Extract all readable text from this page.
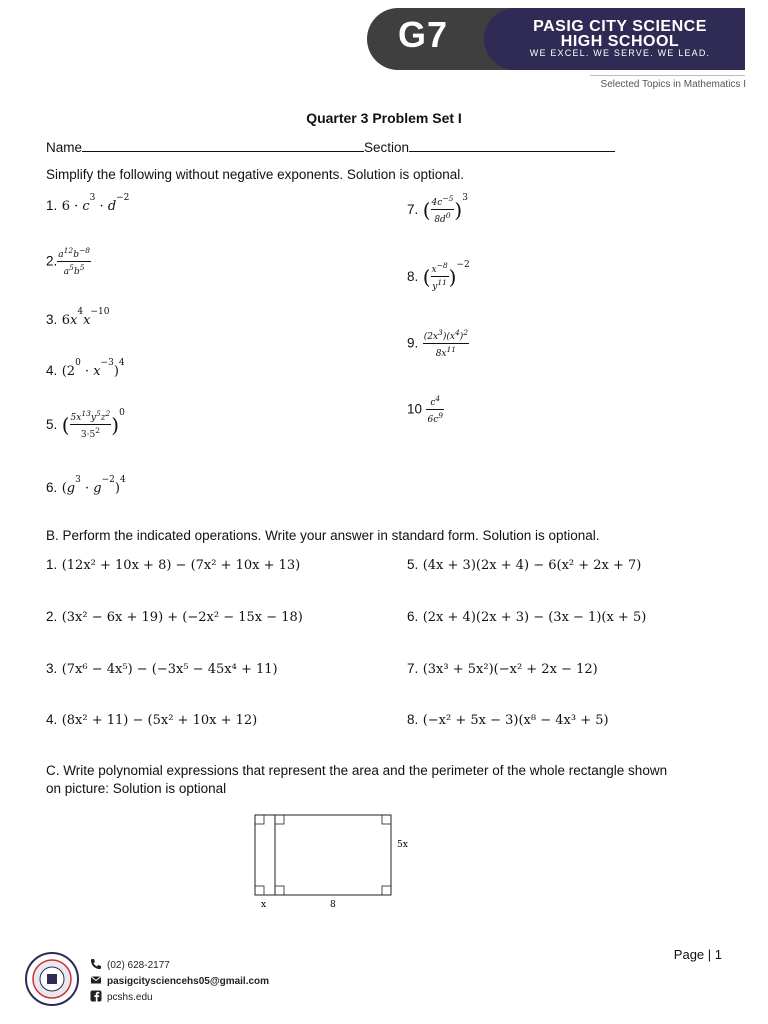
G7	PASIG CITY SCIENCE
HIGH SCHOOL
WE EXCEL. WE SERVE. WE LEAD.
Selected Topics in Mathematics I
Quarter 3 Problem Set I
Name	Section
Simplify the following without negative exponents. Solution is optional.
1. $6 \cdot c^3 \cdot d^{-2}$
2. $\frac{a^{12}b^{-8}}{a^5b^5}$
3. $6x^4x^{-10}$
4. $(2^0 \cdot x^{-3})^4$
5. ( $\frac{5x^{13}y^5z^2}{3\cdot 5^2} )^0$
6. $(g^3 \cdot g^{-2})^4$
7. ( $\frac{4c^{-5}}{8d^0} )^3$
8. ( $\frac{x^{-8}}{y^{11}} )^{-2}$
9. $\frac{(2x^3)(x^4)^2}{8x^{11}}$
$10 \frac{c^4}{6c^9}$
B. Perform the indicated operations. Write your answer in standard form. Solution is optional.
1. (12x² + 10x + 8) − (7x² + 10x + 13)
2. (3x² − 6x + 19) + (−2x² − 15x − 18)
3. (7x⁶ − 4x⁵) − (−3x⁵ − 45x⁴ + 11)
4. (8x² + 11) − (5x² + 10x + 12)
5. (4x + 3)(2x + 4) − 6(x² + 2x + 7)
6. (2x + 4)(2x + 3) − (3x − 1)(x + 5)
7. (3x³ + 5x²)(−x² + 2x − 12)
8. (−x² + 5x − 3)(x⁸ − 4x³ + 5)
C. Write polynomial expressions that represent the area and the perimeter of the whole rectangle shown
on picture: Solution is optional
5x
x	8
Page | 1
(02) 628-2177
pasigcitysciencehs05@gmail.com
pcshs.edu
